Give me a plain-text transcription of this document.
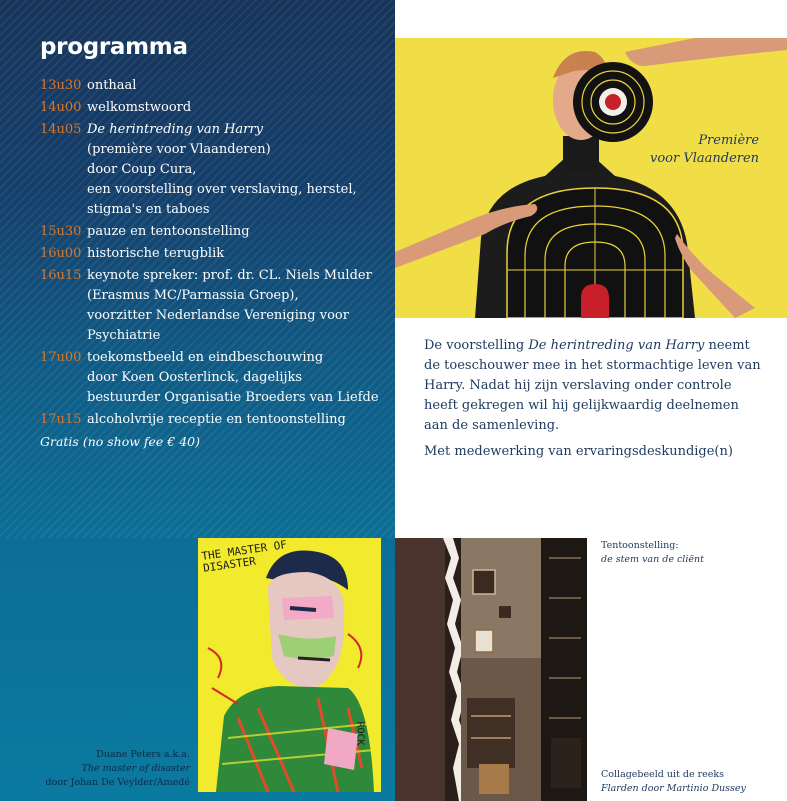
programma
13u30 onthaal
14u00 welkomstwoord
14u05 De herintreding van Harry
(première voor Vlaanderen)
door Coup Cura,
een voorstelling over verslaving, herstel,
stigma's en taboes
15u30 pauze en tentoonstelling
16u00 historische terugblik
16u15 keynote spreker: prof. dr. CL. Niels Mulder
(Erasmus MC/Parnassia Groep),
voorzitter Nederlandse Vereniging voor
Psychiatrie
17u00 toekomstbeeld en eindbeschouwing
door Koen Oosterlinck, dagelijks
bestuurder Organisatie Broeders van Liefde
17u15 alcoholvrije receptie en tentoonstelling
Gratis (no show fee € 40)
Première
voor Vlaanderen

De voorstelling De herintreding van Harry neemt de toeschouwer mee in het stormachtige leven van Harry. Nadat hij zijn verslaving onder controle heeft gekregen wil hij gelijkwaardig deelnemen aan de samenleving.

Met medewerking van ervaringsdeskundige(n)

THE MASTER OF DISASTER
ROCK
Duane Peters a.k.a.
The master of disaster
door Johan De Veylder/Amedé
Tentoonstelling:
de stem van de cliënt
Collagebeeld uit de reeks
Flarden door Martinio Dussey
